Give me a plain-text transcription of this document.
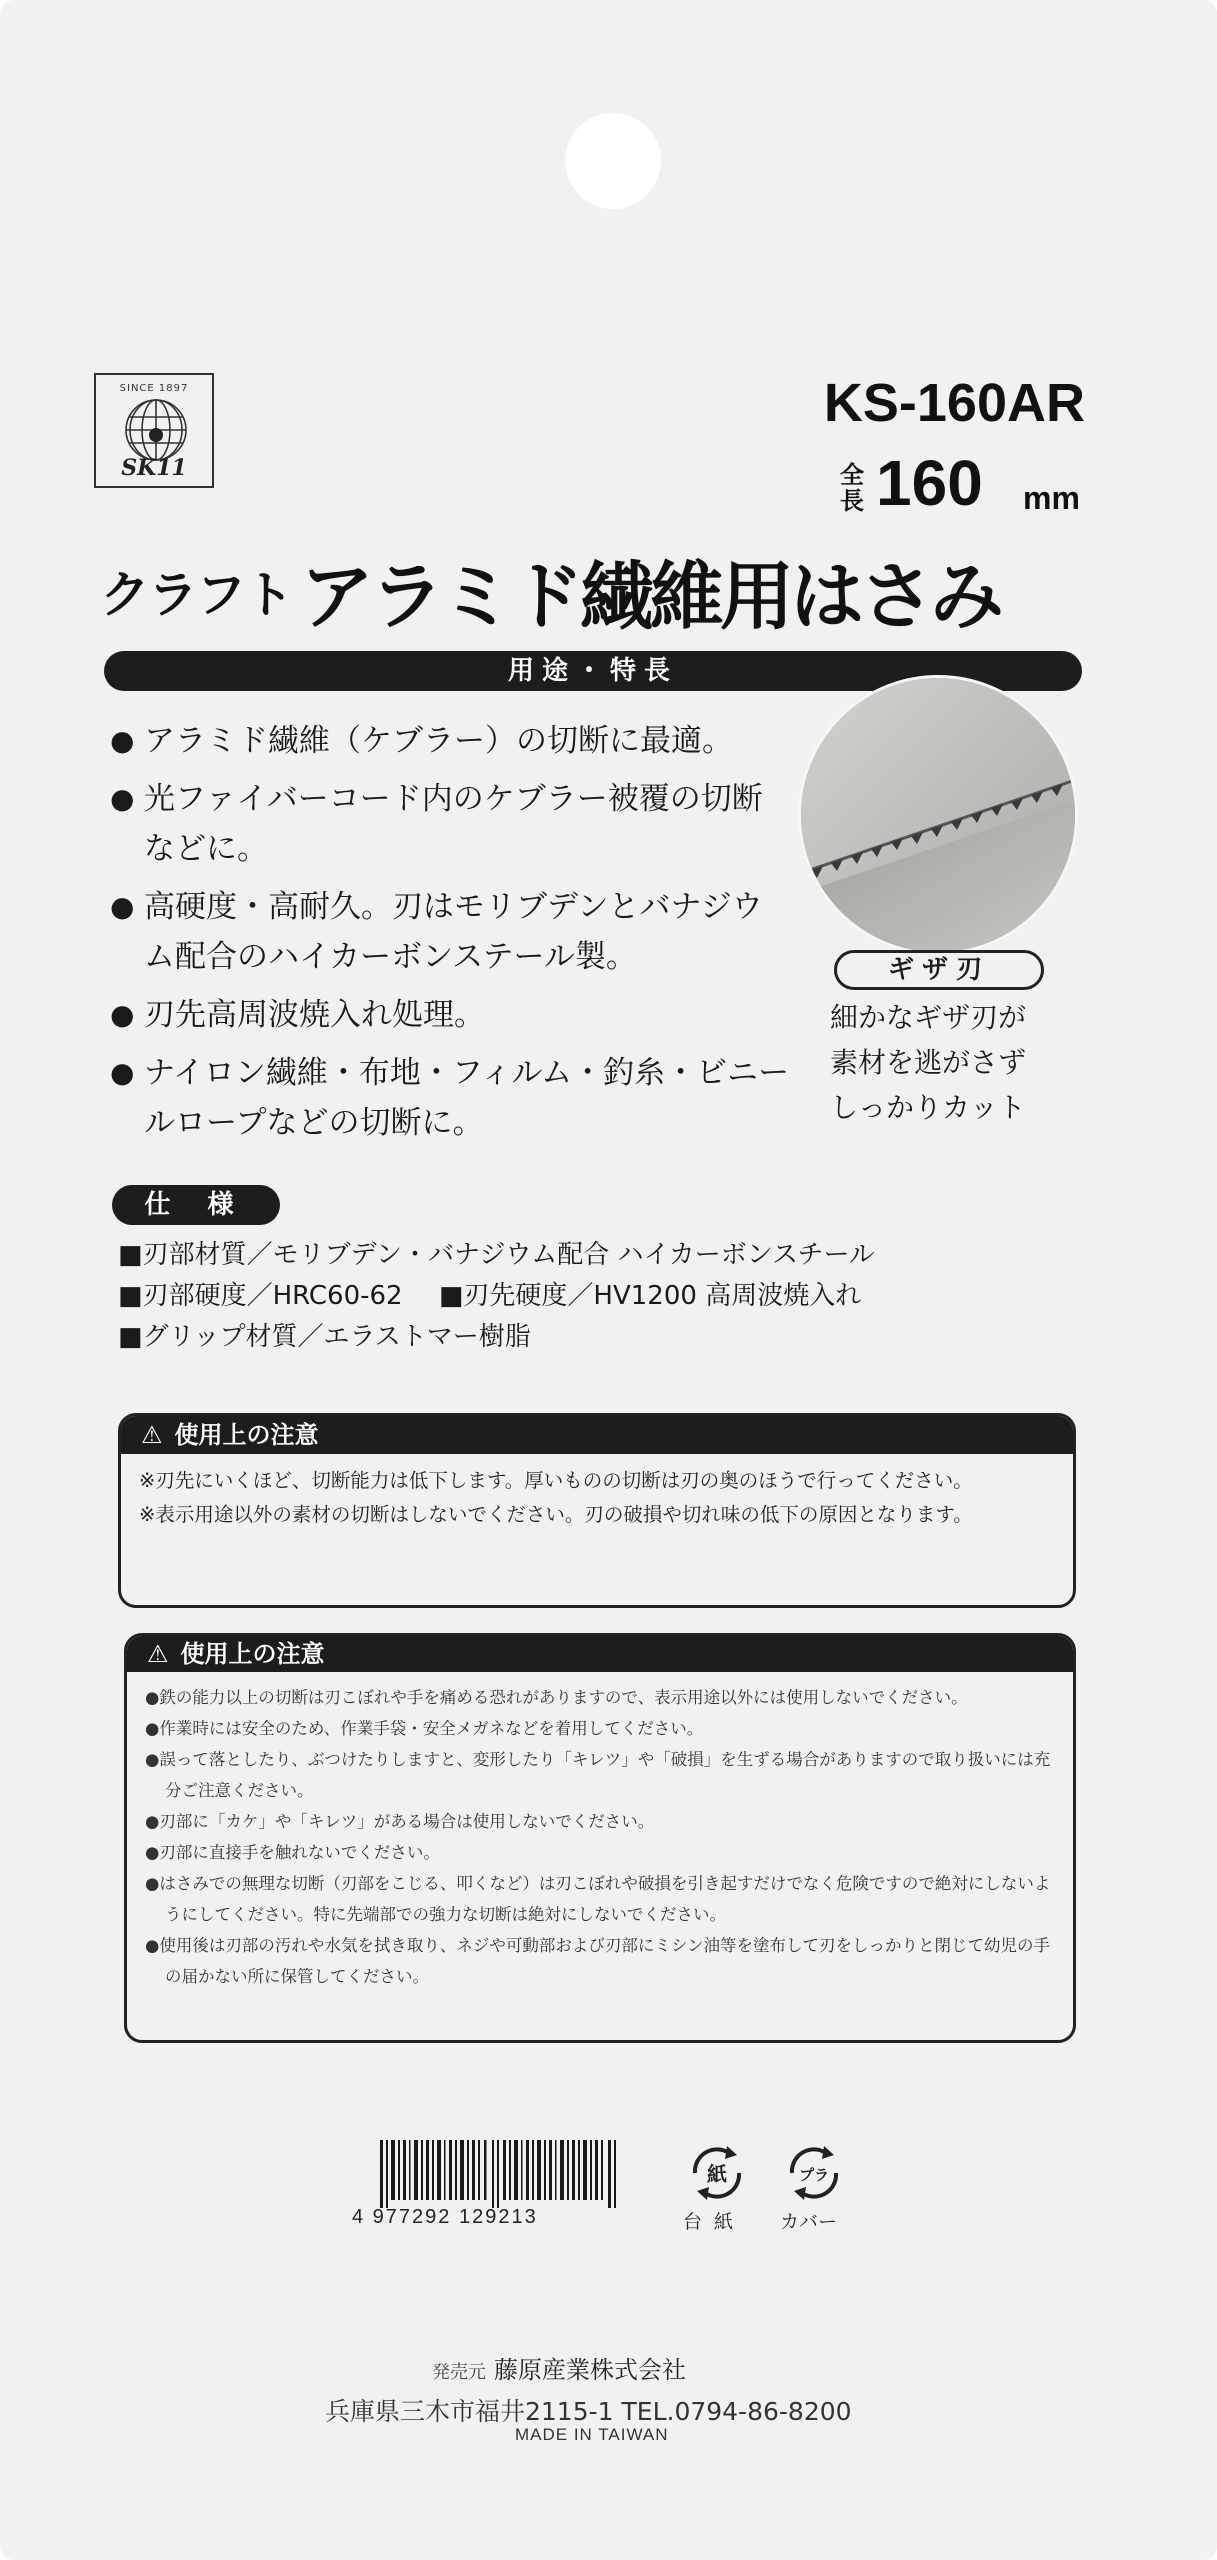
SINCE 1897
SK11
KS-160AR
全長 160 mm
クラフト アラミド繊維用はさみ
用途・特長
● アラミド繊維（ケブラー）の切断に最適。
● 光ファイバーコード内のケブラー被覆の切断などに。
● 高硬度・高耐久。刃はモリブデンとバナジウム配合のハイカーボンステール製。
● 刃先高周波焼入れ処理。
● ナイロン繊維・布地・フィルム・釣糸・ビニールロープなどの切断に。
ギザ刃
細かなギザ刃が
素材を逃がさず
しっかりカット
仕 様
■刃部材質／モリブデン・バナジウム配合 ハイカーボンスチール
■刃部硬度／HRC60-62 ■刃先硬度／HV1200 高周波焼入れ
■グリップ材質／エラストマー樹脂
⚠ 使用上の注意
※刃先にいくほど、切断能力は低下します。厚いものの切断は刃の奥のほうで行ってください。
※表示用途以外の素材の切断はしないでください。刃の破損や切れ味の低下の原因となります。
⚠ 使用上の注意
●鉄の能力以上の切断は刃こぼれや手を痛める恐れがありますので、表示用途以外には使用しないでください。
●作業時には安全のため、作業手袋・安全メガネなどを着用してください。
●誤って落としたり、ぶつけたりしますと、変形したり「キレツ」や「破損」を生ずる場合がありますので取り扱いには充分ご注意ください。
●刃部に「カケ」や「キレツ」がある場合は使用しないでください。
●刃部に直接手を触れないでください。
●はさみでの無理な切断（刃部をこじる、叩くなど）は刃こぼれや破損を引き起すだけでなく危険ですので絶対にしないようにしてください。特に先端部での強力な切断は絶対にしないでください。
●使用後は刃部の汚れや水気を拭き取り、ネジや可動部および刃部にミシン油等を塗布して刃をしっかりと閉じて幼児の手の届かない所に保管してください。
4 977292 129213
紙
台紙
プラ
カバー
発売元 藤原産業株式会社
兵庫県三木市福井2115-1 TEL.0794-86-8200
MADE IN TAIWAN
